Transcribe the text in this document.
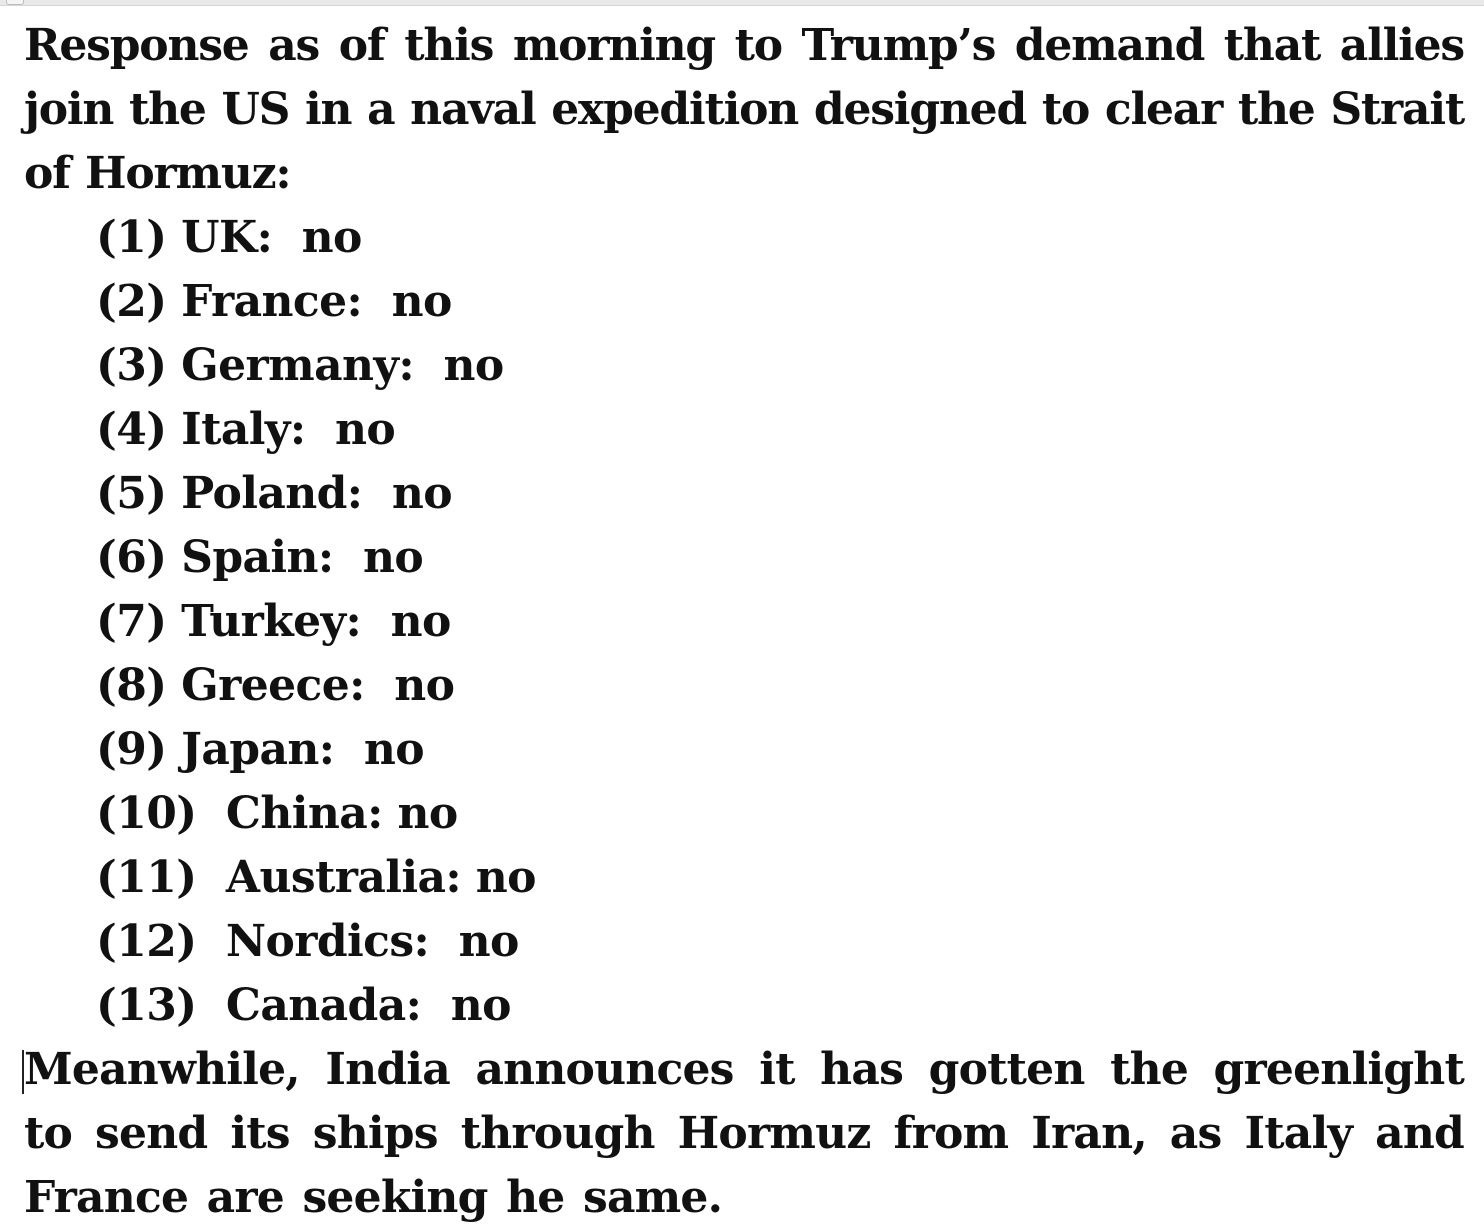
Response as of this morning to Trump’s demand that allies join the US in a naval expedition designed to clear the Strait of Hormuz:

(1) UK: no
(2) France: no
(3) Germany: no
(4) Italy: no
(5) Poland: no
(6) Spain: no
(7) Turkey: no
(8) Greece: no
(9) Japan: no
(10) China: no
(11) Australia: no
(12) Nordics: no
(13) Canada: no

Meanwhile, India announces it has gotten the greenlight to send its ships through Hormuz from Iran, as Italy and France are seeking he same.
